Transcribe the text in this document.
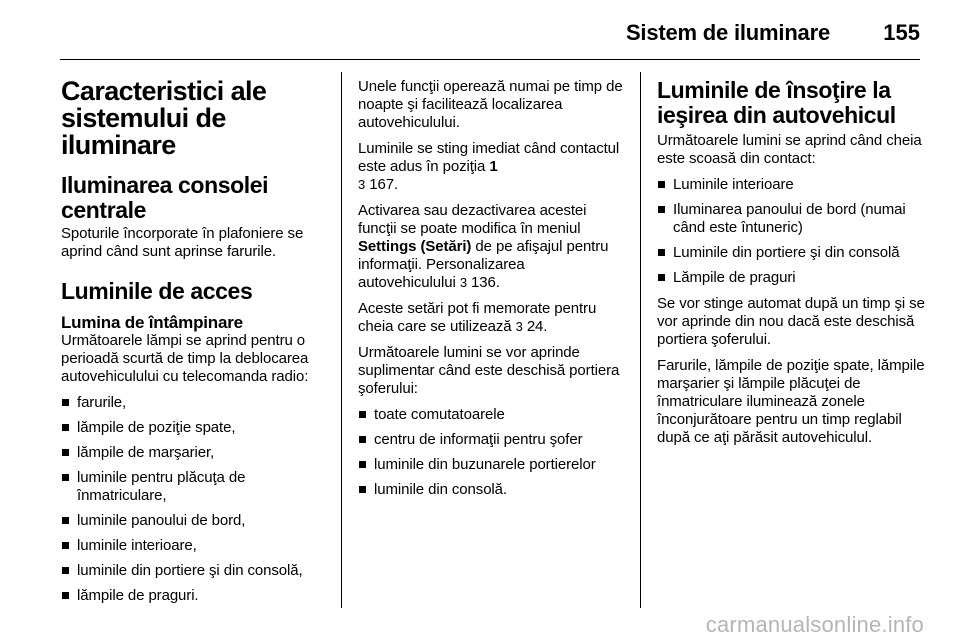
Sistem de iluminare 155
Caracteristici ale sistemului de iluminare
Iluminarea consolei centrale
Spoturile încorporate în plafoniere se aprind când sunt aprinse farurile.
Luminile de acces
Lumina de întâmpinare
Următoarele lămpi se aprind pentru o perioadă scurtă de timp la deblocarea autovehiculului cu telecomanda radio:
farurile,
lămpile de poziţie spate,
lămpile de marşarier,
luminile pentru plăcuţa de înmatriculare,
luminile panoului de bord,
luminile interioare,
luminile din portiere şi din consolă,
lămpile de praguri.
Unele funcţii operează numai pe timp de noapte şi facilitează localizarea autovehiculului.
Luminile se sting imediat când contactul este adus în poziţia 1
3 167.
Activarea sau dezactivarea acestei funcţii se poate modifica în meniul Settings (Setări) de pe afişajul pentru informaţii. Personalizarea autovehiculului 3 136.
Aceste setări pot fi memorate pentru cheia care se utilizează 3 24.
Următoarele lumini se vor aprinde suplimentar când este deschisă portiera şoferului:
toate comutatoarele
centru de informaţii pentru şofer
luminile din buzunarele portierelor
luminile din consolă.
Luminile de însoţire la ieşirea din autovehicul
Următoarele lumini se aprind când cheia este scoasă din contact:
Luminile interioare
Iluminarea panoului de bord (numai când este întuneric)
Luminile din portiere şi din consolă
Lămpile de praguri
Se vor stinge automat după un timp şi se vor aprinde din nou dacă este deschisă portiera şoferului.
Farurile, lămpile de poziţie spate, lămpile marşarier şi lămpile plăcuţei de înmatriculare iluminează zonele înconjurătoare pentru un timp reglabil după ce aţi părăsit autovehiculul.
carmanualsonline.info
